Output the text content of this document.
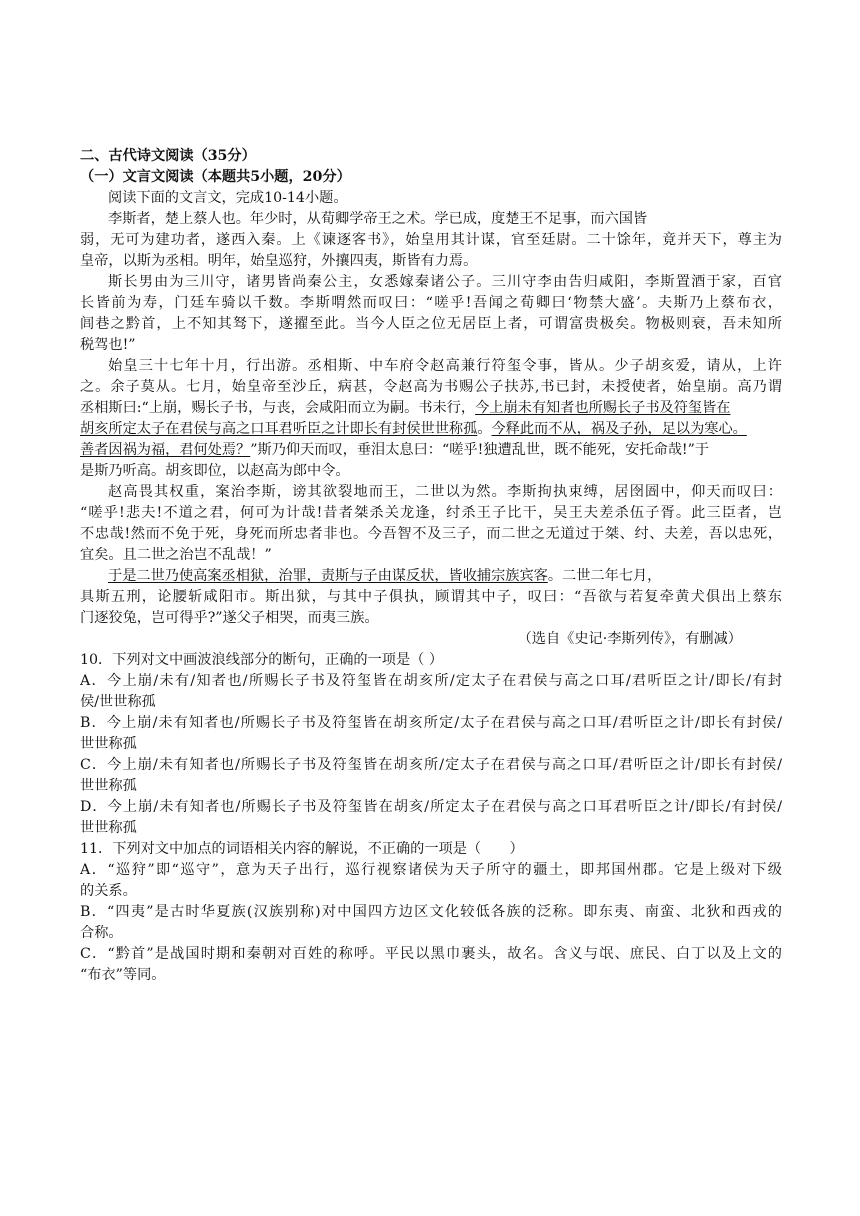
二、古代诗文阅读（35分）
（一）文言文阅读（本题共5小题，20分）
阅读下面的文言文，完成10-14小题。
李斯者，楚上蔡人也。年少时，从荀卿学帝王之术。学已成，度楚王不足事，而六国皆
弱，无可为建功者，遂西入秦。上《谏逐客书》，始皇用其计谋，官至廷尉。二十馀年，竟并天下，尊主为
皇帝，以斯为丞相。明年，始皇巡狩，外攘四夷，斯皆有力焉。
斯长男由为三川守，诸男皆尚秦公主，女悉嫁秦诸公子。三川守李由告归咸阳，李斯置酒于家，百官
长皆前为寿，门廷车骑以千数。李斯喟然而叹曰：“嗟乎!吾闻之荀卿曰‘物禁大盛’。夫斯乃上蔡布衣，
闾巷之黔首，上不知其驽下，遂擢至此。当今人臣之位无居臣上者，可谓富贵极矣。物极则衰，吾未知所
税驾也!”
始皇三十七年十月，行出游。丞相斯、中车府令赵高兼行符玺令事，皆从。少子胡亥爱，请从，上许
之。余子莫从。七月，始皇帝至沙丘，病甚，令赵高为书赐公子扶苏,书已封，未授使者，始皇崩。高乃谓
丞相斯曰:“上崩，赐长子书，与丧，会咸阳而立为嗣。书未行，今上崩未有知者也所赐长子书及符玺皆在
胡亥所定太子在君侯与高之口耳君听臣之计即长有封侯世世称孤。今释此而不从，祸及子孙，足以为寒心。
善者因祸为福，君何处焉？”斯乃仰天而叹，垂泪太息曰：“嗟乎!独遭乱世，既不能死，安托命哉!”于
是斯乃听高。胡亥即位，以赵高为郎中令。
赵高畏其权重，案治李斯，谤其欲裂地而王，二世以为然。李斯拘执束缚，居囹圄中，仰天而叹曰：
“嗟乎!悲夫!不道之君，何可为计哉!昔者桀杀关龙逢，纣杀王子比干，吴王夫差杀伍子胥。此三臣者，岂
不忠哉!然而不免于死，身死而所忠者非也。今吾智不及三子，而二世之无道过于桀、纣、夫差，吾以忠死，
宜矣。且二世之治岂不乱哉！”
于是二世乃使高案丞相狱，治罪，责斯与子由谋反状，皆收捕宗族宾客。二世二年七月，
具斯五刑，论腰斩咸阳市。斯出狱，与其中子俱执，顾谓其中子，叹曰：“吾欲与若复牵黄犬俱出上蔡东
门逐狡兔，岂可得乎?”遂父子相哭，而夷三族。
（选自《史记·李斯列传》，有删减）
10．下列对文中画波浪线部分的断句，正确的一项是（ ）
A．今上崩/未有/知者也/所赐长子书及符玺皆在胡亥所/定太子在君侯与高之口耳/君听臣之计/即长/有封
侯/世世称孤
B．今上崩/未有知者也/所赐长子书及符玺皆在胡亥所定/太子在君侯与高之口耳/君听臣之计/即长有封侯/
世世称孤
C．今上崩/未有知者也/所赐长子书及符玺皆在胡亥所/定太子在君侯与高之口耳/君听臣之计/即长有封侯/
世世称孤
D．今上崩/未有知者也/所赐长子书及符玺皆在胡亥/所定太子在君侯与高之口耳君听臣之计/即长/有封侯/
世世称孤
11．下列对文中加点的词语相关内容的解说，不正确的一项是（　　）
A．“巡狩”即“巡守”，意为天子出行，巡行视察诸侯为天子所守的疆土，即邦国州郡。它是上级对下级
的关系。
B．“四夷”是古时华夏族(汉族别称)对中国四方边区文化较低各族的泛称。即东夷、南蛮、北狄和西戎的
合称。
C．“黔首”是战国时期和秦朝对百姓的称呼。平民以黑巾裹头，故名。含义与氓、庶民、白丁以及上文的
“布衣”等同。
